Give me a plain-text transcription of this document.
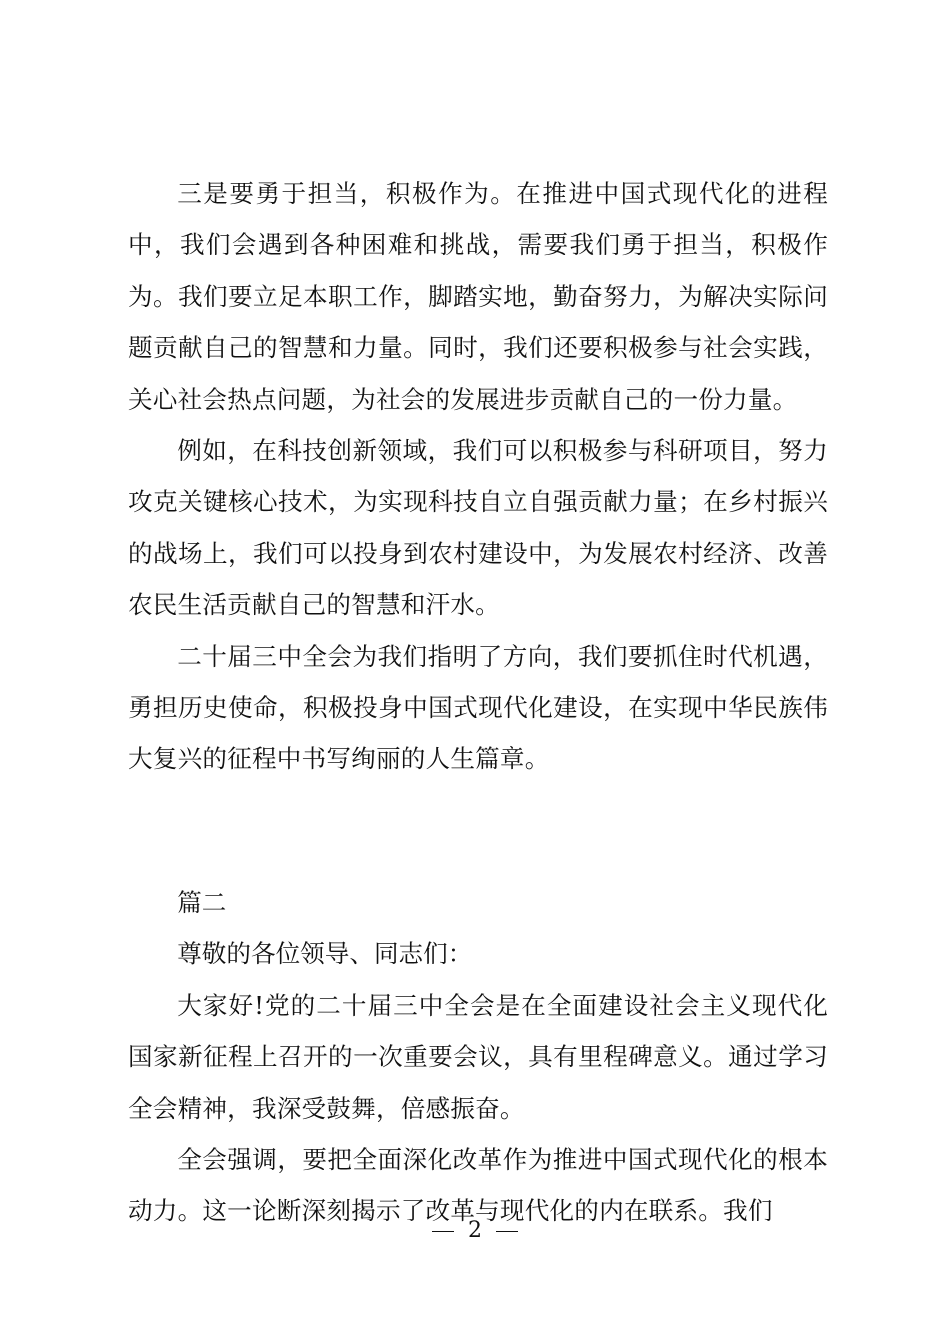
三是要勇于担当，积极作为。在推进中国式现代化的进程中，我们会遇到各种困难和挑战，需要我们勇于担当，积极作为。我们要立足本职工作，脚踏实地，勤奋努力，为解决实际问题贡献自己的智慧和力量。同时，我们还要积极参与社会实践，关心社会热点问题，为社会的发展进步贡献自己的一份力量。

例如，在科技创新领域，我们可以积极参与科研项目，努力攻克关键核心技术，为实现科技自立自强贡献力量；在乡村振兴的战场上，我们可以投身到农村建设中，为发展农村经济、改善农民生活贡献自己的智慧和汗水。

二十届三中全会为我们指明了方向，我们要抓住时代机遇，勇担历史使命，积极投身中国式现代化建设，在实现中华民族伟大复兴的征程中书写绚丽的人生篇章。

篇二

尊敬的各位领导、同志们：

大家好!党的二十届三中全会是在全面建设社会主义现代化国家新征程上召开的一次重要会议，具有里程碑意义。通过学习全会精神，我深受鼓舞，倍感振奋。

全会强调，要把全面深化改革作为推进中国式现代化的根本动力。这一论断深刻揭示了改革与现代化的内在联系。我们

2
